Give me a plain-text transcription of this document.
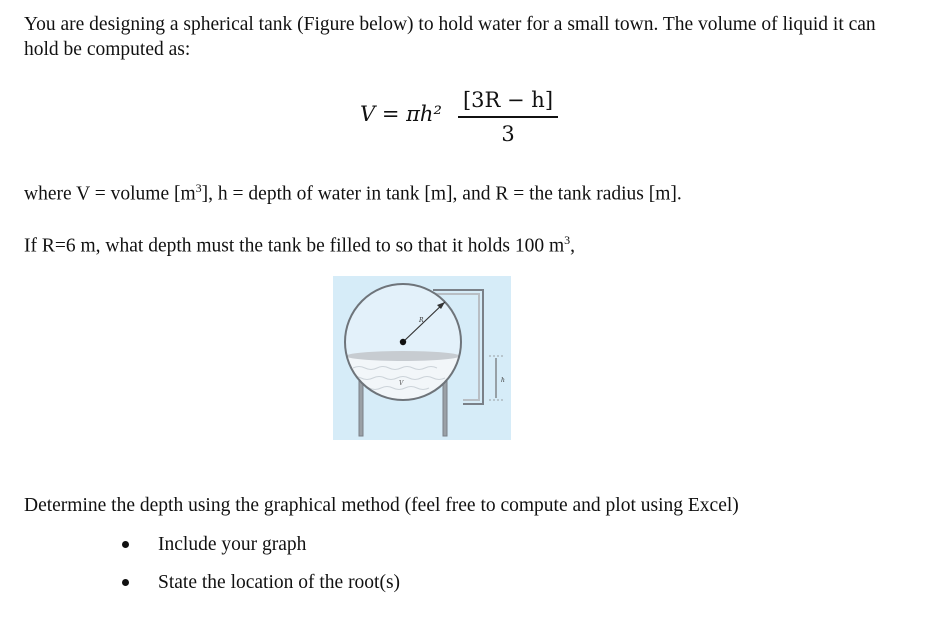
You are designing a spherical tank (Figure below) to hold water for a small town. The volume of liquid it can hold be computed as:
V = πh²
[3R − h]
3
where V = volume $[m^3]$, h = depth of water in tank [m], and R = the tank radius [m].
If R=6 m, what depth must the tank be filled to so that it holds 100 $m^3$,
R
V	h
Determine the depth using the graphical method (feel free to compute and plot using Excel)
Include your graph
State the location of the root(s)
